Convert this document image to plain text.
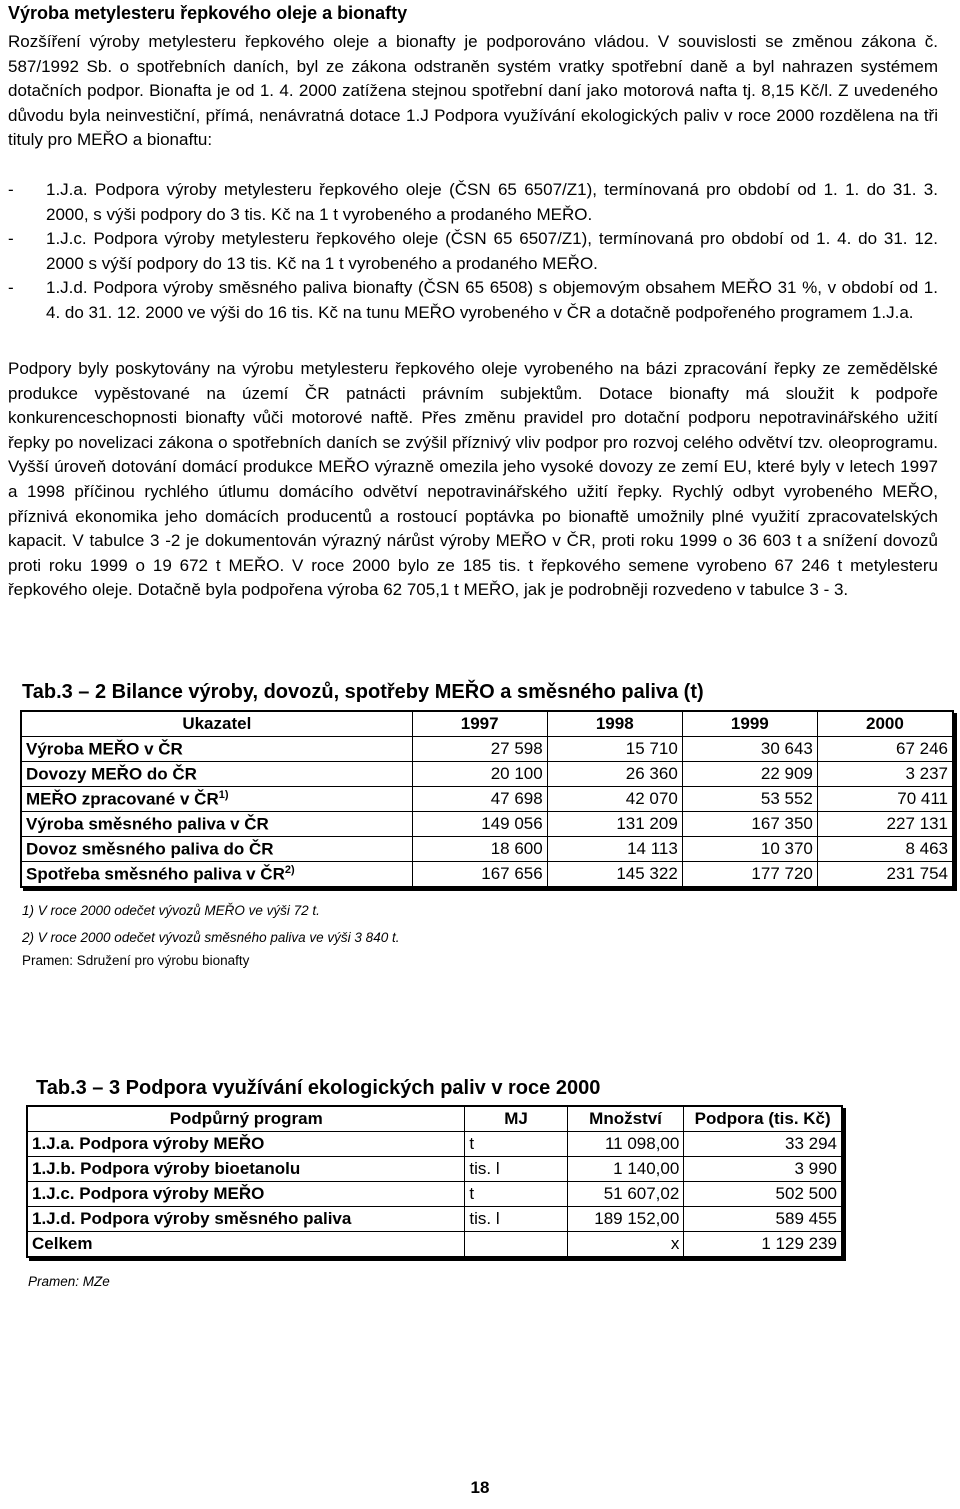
Výroba metylesteru řepkového oleje a bionafty
Rozšíření výroby metylesteru řepkového oleje a bionafty je podporováno vládou. V souvislosti se změnou zákona č. 587/1992 Sb. o spotřebních daních, byl ze zákona odstraněn systém vratky spotřební daně a byl nahrazen systémem dotačních podpor. Bionafta je od 1. 4. 2000 zatížena stejnou spotřební daní jako motorová nafta tj. 8,15 Kč/l. Z uvedeného důvodu byla neinvestiční, přímá, nenávratná dotace 1.J Podpora využívání ekologických paliv v roce 2000 rozdělena na tři tituly pro MEŘO a bionaftu:
-	1.J.a. Podpora výroby metylesteru řepkového oleje (ČSN 65 6507/Z1), termínovaná pro období od 1. 1. do 31. 3. 2000, s výši podpory do 3 tis. Kč na 1 t vyrobeného a prodaného MEŘO.
-	1.J.c. Podpora výroby metylesteru řepkového oleje (ČSN 65 6507/Z1), termínovaná pro období od 1. 4. do 31. 12. 2000 s výší podpory do 13 tis. Kč na 1 t vyrobeného a prodaného MEŘO.
-	1.J.d. Podpora výroby směsného paliva bionafty (ČSN 65 6508) s objemovým obsahem MEŘO 31 %, v období od 1. 4. do 31. 12. 2000 ve výši do 16 tis. Kč na tunu MEŘO vyrobeného v ČR a dotačně podpořeného programem 1.J.a.
Podpory byly poskytovány na výrobu metylesteru řepkového oleje vyrobeného na bázi zpracování řepky ze zemědělské produkce vypěstované na území ČR patnácti právním subjektům. Dotace bionafty má sloužit k podpoře konkurenceschopnosti bionafty vůči motorové naftě. Přes změnu pravidel pro dotační podporu nepotravinářského užití řepky po novelizaci zákona o spotřebních daních se zvýšil příznivý vliv podpor pro rozvoj celého odvětví tzv. oleoprogramu. Vyšší úroveň dotování domácí produkce MEŘO výrazně omezila jeho vysoké dovozy ze zemí EU, které byly v letech 1997 a 1998 příčinou rychlého útlumu domácího odvětví nepotravinářského užití řepky. Rychlý odbyt vyrobeného MEŘO, příznivá ekonomika jeho domácích producentů a rostoucí poptávka po bionaftě umožnily plné využití zpracovatelských kapacit. V tabulce 3 -2 je dokumentován výrazný nárůst výroby MEŘO v ČR, proti roku 1999 o 36 603 t a snížení dovozů proti roku 1999 o 19 672 t MEŘO. V roce 2000 bylo ze 185 tis. t řepkového semene vyrobeno 67 246 t metylesteru řepkového oleje. Dotačně byla podpořena výroba 62 705,1 t MEŘO, jak je podrobněji rozvedeno v tabulce 3 - 3.
Tab.3 – 2 Bilance výroby, dovozů, spotřeby MEŘO a směsného paliva (t)
Ukazatel	1997	1998	1999	2000
Výroba MEŘO v ČR	27 598	15 710	30 643	67 246
Dovozy MEŘO do ČR	20 100	26 360	22 909	3 237
MEŘO zpracované v ČR$^{1)}$	47 698	42 070	53 552	70 411
Výroba směsného paliva v ČR	149 056	131 209	167 350	227 131
Dovoz směsného paliva do ČR	18 600	14 113	10 370	8 463
Spotřeba směsného paliva v ČR$^{2)}$	167 656	145 322	177 720	231 754
1) V roce 2000 odečet vývozů MEŘO ve výši 72 t.
2) V roce 2000 odečet vývozů směsného paliva ve výši 3 840 t.
Pramen: Sdružení pro výrobu bionafty
Tab.3 – 3 Podpora využívání ekologických paliv v roce 2000
Podpůrný program	MJ	Množství	Podpora (tis. Kč)
1.J.a. Podpora výroby MEŘO	t	11 098,00	33 294
1.J.b. Podpora výroby bioetanolu	tis. l	1 140,00	3 990
1.J.c. Podpora výroby MEŘO	t	51 607,02	502 500
1.J.d. Podpora výroby směsného paliva	tis. l	189 152,00	589 455
Celkem		x	1 129 239
Pramen: MZe
18
